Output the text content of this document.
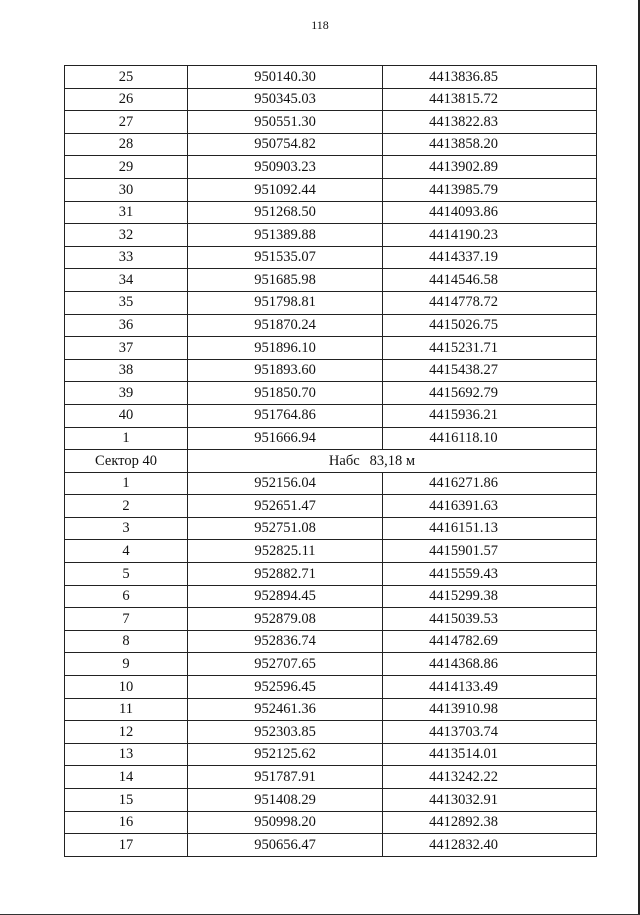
118
25	950140.30	4413836.85
26	950345.03	4413815.72
27	950551.30	4413822.83
28	950754.82	4413858.20
29	950903.23	4413902.89
30	951092.44	4413985.79
31	951268.50	4414093.86
32	951389.88	4414190.23
33	951535.07	4414337.19
34	951685.98	4414546.58
35	951798.81	4414778.72
36	951870.24	4415026.75
37	951896.10	4415231.71
38	951893.60	4415438.27
39	951850.70	4415692.79
40	951764.86	4415936.21
1	951666.94	4416118.10
Сектор 40	Набс 83,18 м	
1	952156.04	4416271.86
2	952651.47	4416391.63
3	952751.08	4416151.13
4	952825.11	4415901.57
5	952882.71	4415559.43
6	952894.45	4415299.38
7	952879.08	4415039.53
8	952836.74	4414782.69
9	952707.65	4414368.86
10	952596.45	4414133.49
11	952461.36	4413910.98
12	952303.85	4413703.74
13	952125.62	4413514.01
14	951787.91	4413242.22
15	951408.29	4413032.91
16	950998.20	4412892.38
17	950656.47	4412832.40
